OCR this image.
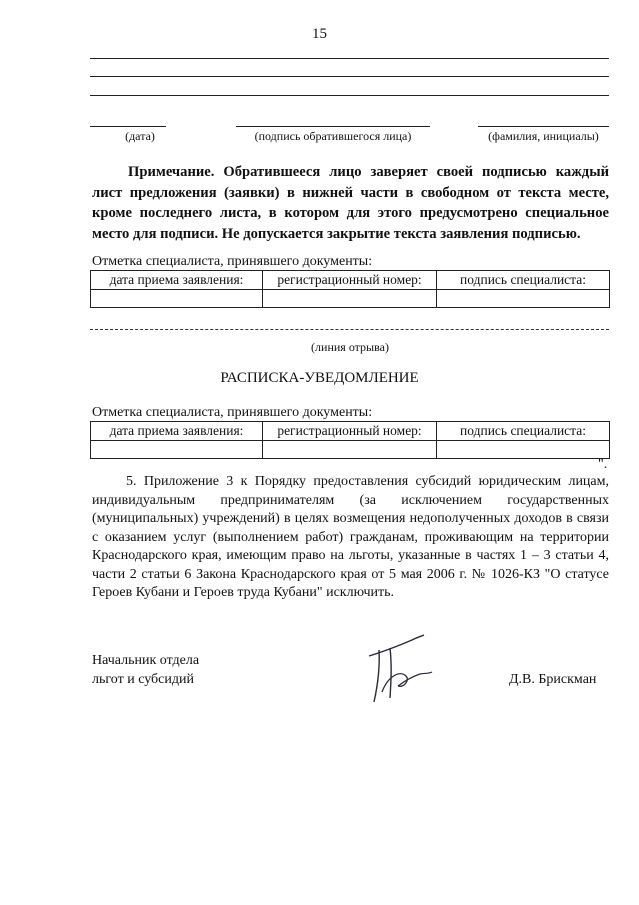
15
(дата)	(подпись обратившегося лица)	(фамилия, инициалы)
Примечание. Обратившееся лицо заверяет своей подписью каждый лист предложения (заявки) в нижней части в свободном от текста месте, кроме последнего листа, в котором для этого предусмотрено специальное место для подписи. Не допускается закрытие текста заявления подписью.
Отметка специалиста, принявшего документы:
дата приема заявления:	регистрационный номер:	подпись специалиста:

(линия отрыва)
РАСПИСКА-УВЕДОМЛЕНИЕ
Отметка специалиста, принявшего документы:
дата приема заявления:	регистрационный номер:	подпись специалиста:

".
5. Приложение 3 к Порядку предоставления субсидий юридическим лицам, индивидуальным предпринимателям (за исключением государственных (муниципальных) учреждений) в целях возмещения недополученных доходов в связи с оказанием услуг (выполнением работ) гражданам, проживающим на территории Краснодарского края, имеющим право на льготы, указанные в частях 1 – 3 статьи 4, части 2 статьи 6 Закона Краснодарского края от 5 мая 2006 г. № 1026-КЗ "О статусе Героев Кубани и Героев труда Кубани" исключить.
Начальник отдела
льгот и субсидий	Д.В. Брискман
